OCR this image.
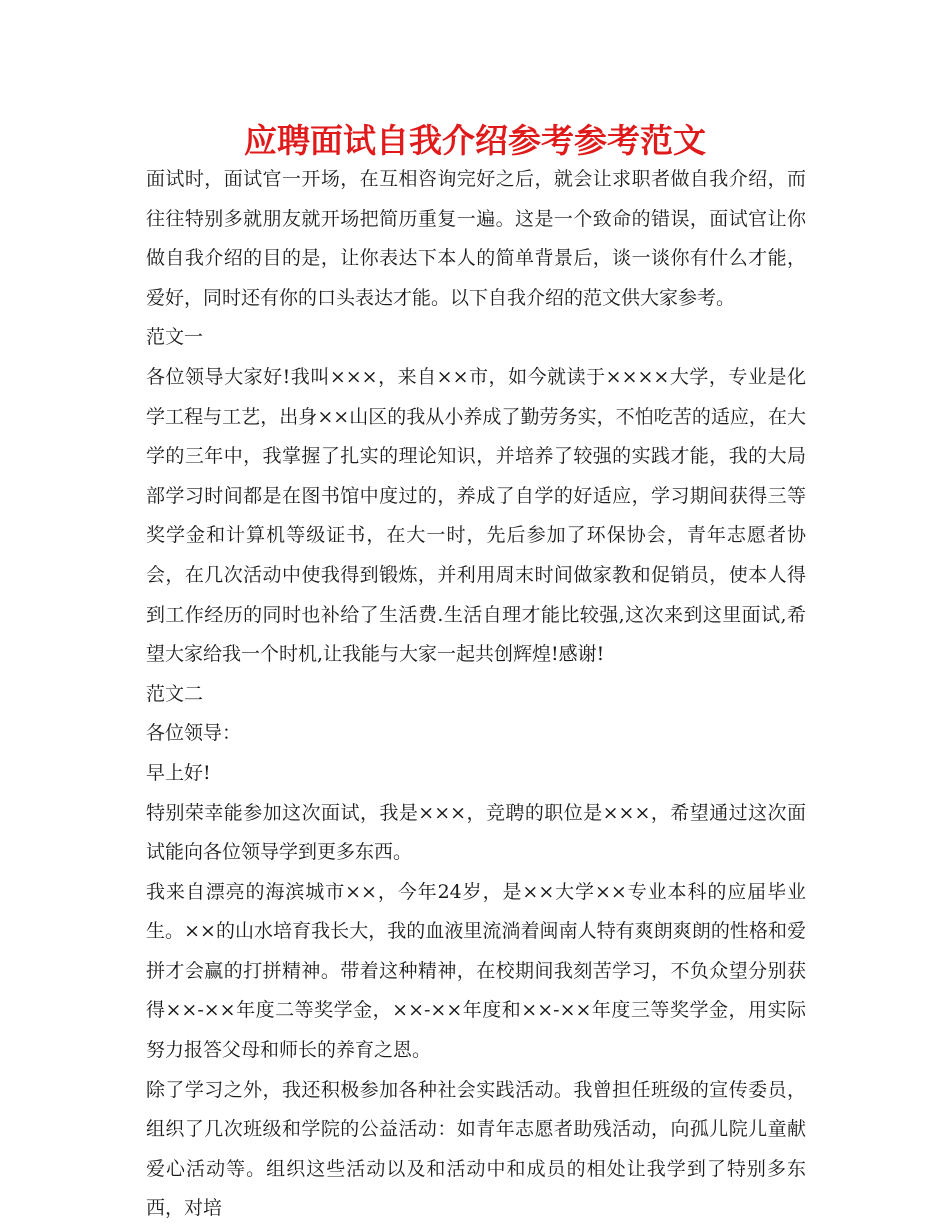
应聘面试自我介绍参考参考范文

面试时，面试官一开场，在互相咨询完好之后，就会让求职者做自我介绍，而往往特别多就朋友就开场把简历重复一遍。这是一个致命的错误，面试官让你做自我介绍的目的是，让你表达下本人的简单背景后，谈一谈你有什么才能，爱好，同时还有你的口头表达才能。以下自我介绍的范文供大家参考。

范文一

各位领导大家好!我叫×××，来自××市，如今就读于××××大学，专业是化学工程与工艺，出身××山区的我从小养成了勤劳务实，不怕吃苦的适应，在大学的三年中，我掌握了扎实的理论知识，并培养了较强的实践才能，我的大局部学习时间都是在图书馆中度过的，养成了自学的好适应，学习期间获得三等奖学金和计算机等级证书，在大一时，先后参加了环保协会，青年志愿者协会，在几次活动中使我得到锻炼，并利用周末时间做家教和促销员，使本人得到工作经历的同时也补给了生活费.生活自理才能比较强,这次来到这里面试,希望大家给我一个时机,让我能与大家一起共创辉煌!感谢!

范文二

各位领导：

早上好!

特别荣幸能参加这次面试，我是×××，竞聘的职位是×××，希望通过这次面试能向各位领导学到更多东西。

我来自漂亮的海滨城市××，今年24岁，是××大学××专业本科的应届毕业生。××的山水培育我长大，我的血液里流淌着闽南人特有爽朗爽朗的性格和爱拼才会赢的打拼精神。带着这种精神，在校期间我刻苦学习，不负众望分别获得××-××年度二等奖学金，××-××年度和××-××年度三等奖学金，用实际努力报答父母和师长的养育之恩。

除了学习之外，我还积极参加各种社会实践活动。我曾担任班级的宣传委员，组织了几次班级和学院的公益活动：如青年志愿者助残活动，向孤儿院儿童献爱心活动等。组织这些活动以及和活动中和成员的相处让我学到了特别多东西，对培
